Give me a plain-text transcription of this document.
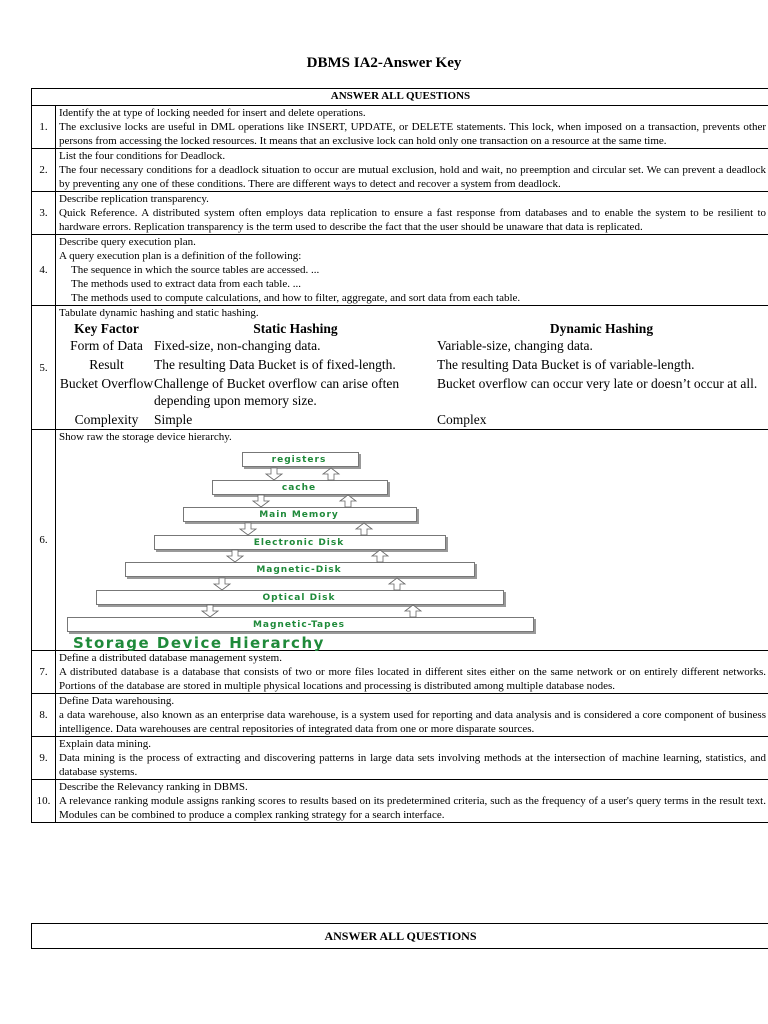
DBMS IA2-Answer Key
ANSWER ALL QUESTIONS
1.	
Identify the at type of locking needed for insert and delete operations.
The exclusive locks are useful in DML operations like INSERT, UPDATE, or DELETE statements. This lock, when imposed on a transaction, prevents other persons from accessing the locked resources. It means that an exclusive lock can hold only one transaction on a resource at the same time.

2.	
List the four conditions for Deadlock.
The four necessary conditions for a deadlock situation to occur are mutual exclusion, hold and wait, no preemption and circular set. We can prevent a deadlock by preventing any one of these conditions. There are different ways to detect and recover a system from deadlock.

3.	
Describe replication transparency.
Quick Reference. A distributed system often employs data replication to ensure a fast response from databases and to enable the system to be resilient to hardware errors. Replication transparency is the term used to describe the fact that the user should be unaware that data is replicated.

4.	
Describe query execution plan.
A query execution plan is a definition of the following:
The sequence in which the source tables are accessed. ...
The methods used to extract data from each table. ...
The methods used to compute calculations, and how to filter, aggregate, and sort data from each table.

5.	
Tabulate dynamic hashing and static hashing.
Key Factor	Static Hashing	Dynamic Hashing
Form of Data	Fixed-size, non-changing data.	Variable-size, changing data.
Result	The resulting Data Bucket is of fixed-length.	The resulting Data Bucket is of variable-length.
Bucket Overflow	Challenge of Bucket overflow can arise often depending upon memory size.	Bucket overflow can occur very late or doesn’t occur at all.
Complexity	Simple	Complex

6.	
Show raw the storage device hierarchy.
Storage Device Hierarchy
registers
cache
Main Memory
Electronic Disk
Magnetic-Disk
Optical Disk
Magnetic-Tapes

7.	
Define a distributed database management system.
A distributed database is a database that consists of two or more files located in different sites either on the same network or on entirely different networks. Portions of the database are stored in multiple physical locations and processing is distributed among multiple database nodes.

8.	
Define Data warehousing.
a data warehouse, also known as an enterprise data warehouse, is a system used for reporting and data analysis and is considered a core component of business intelligence. Data warehouses are central repositories of integrated data from one or more disparate sources.

9.	
Explain data mining.
Data mining is the process of extracting and discovering patterns in large data sets involving methods at the intersection of machine learning, statistics, and database systems.

10.	
Describe the Relevancy ranking in DBMS.
A relevance ranking module assigns ranking scores to results based on its predetermined criteria, such as the frequency of a user's query terms in the result text. Modules can be combined to produce a complex ranking strategy for a search interface.
ANSWER ALL QUESTIONS
